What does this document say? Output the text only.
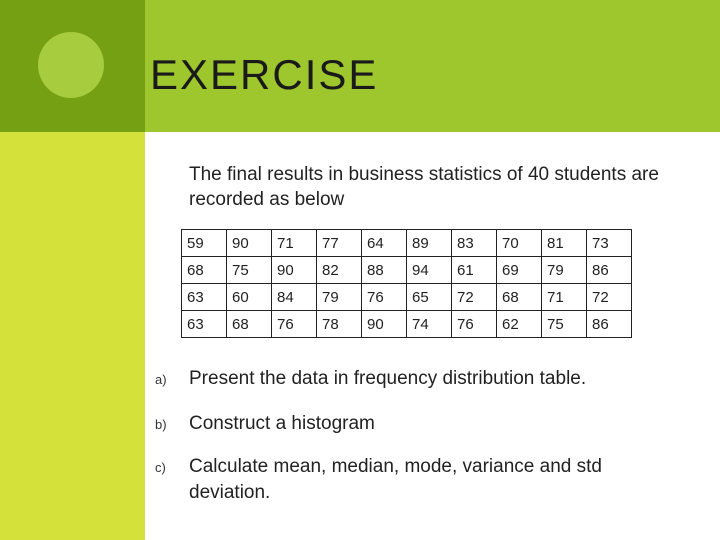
EXERCISE

The final results in business statistics of 40 students are recorded as below

59	90	71	77	64	89	83	70	81	73
68	75	90	82	88	94	61	69	79	86
63	60	84	79	76	65	72	68	71	72
63	68	76	78	90	74	76	62	75	86
a) Present the data in frequency distribution table.
b) Construct a histogram
c) Calculate mean, median, mode, variance and std deviation.
